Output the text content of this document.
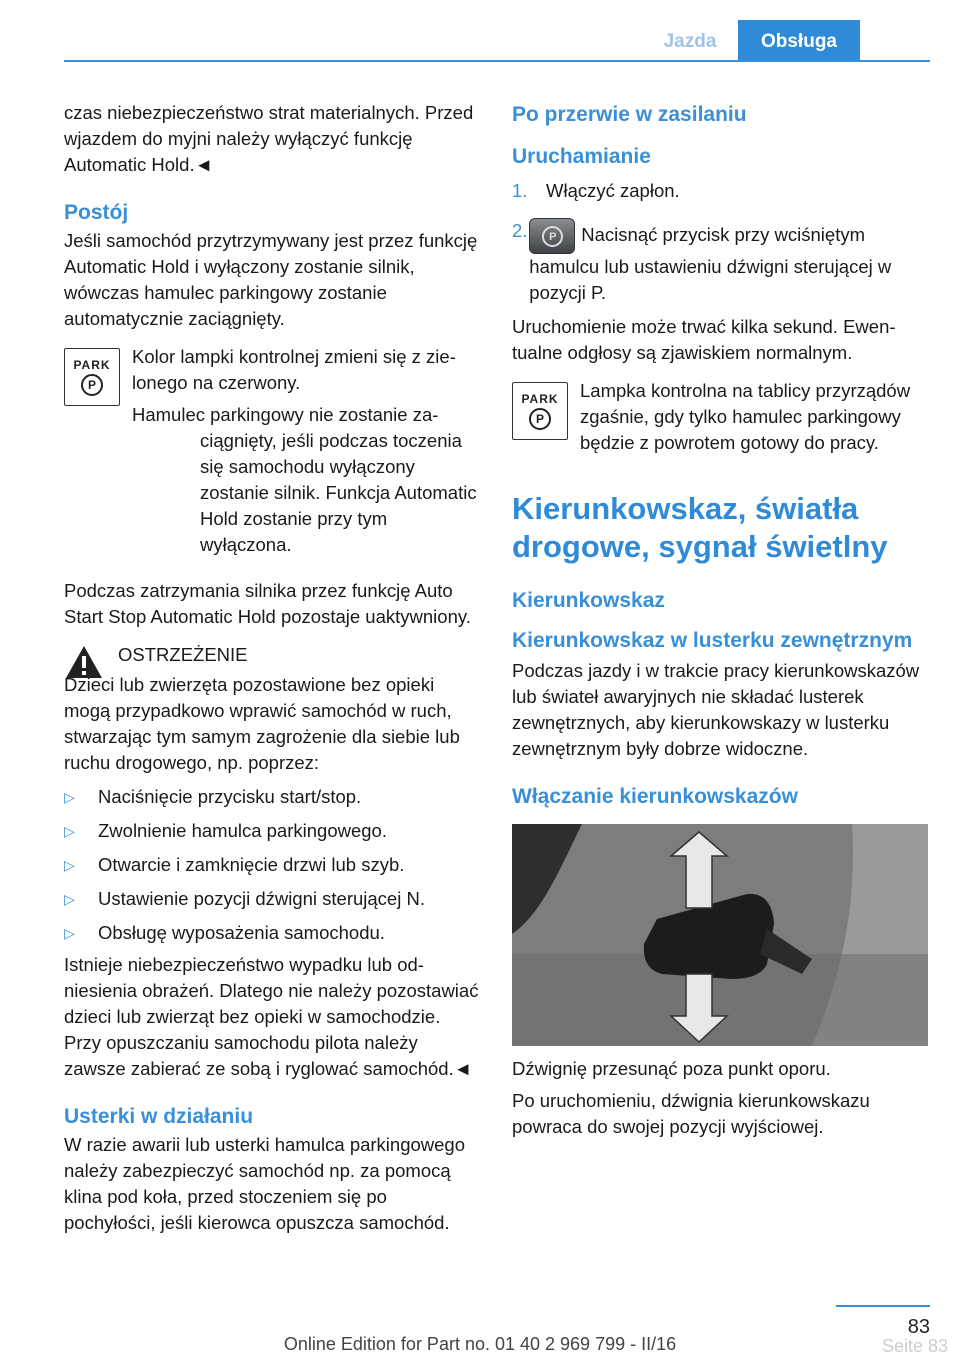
Jazda	Obsługa

czas niebezpieczeństwo strat materialnych. Przed wjazdem do myjni należy wyłączyć funkcję Automatic Hold.◄

Postój

Jeśli samochód przytrzymywany jest przez funkcję Automatic Hold i wyłączony zostanie silnik, wówczas hamulec parkingowy zostanie automatycznie zaciągnięty.

PARK
P

Kolor lampki kontrolnej zmieni się z zielonego na czerwony.

Hamulec parkingowy nie zostanie zaciągnięty, jeśli podczas toczenia się samochodu wyłączony zostanie silnik. Funkcja Automatic Hold zostanie przy tym wyłączona.

Podczas zatrzymania silnika przez funkcję Auto Start Stop Automatic Hold pozostaje uaktywniony.

OSTRZEŻENIE

Dzieci lub zwierzęta pozostawione bez opieki mogą przypadkowo wprawić samochód w ruch, stwarzając tym samym zagrożenie dla siebie lub ruchu drogowego, np. poprzez:

▷	Naciśnięcie przycisku start/stop.
▷	Zwolnienie hamulca parkingowego.
▷	Otwarcie i zamknięcie drzwi lub szyb.
▷	Ustawienie pozycji dźwigni sterującej N.
▷	Obsługę wyposażenia samochodu.

Istnieje niebezpieczeństwo wypadku lub odniesienia obrażeń. Dlatego nie należy pozostawiać dzieci lub zwierząt bez opieki w samochodzie. Przy opuszczaniu samochodu pilota należy zawsze zabierać ze sobą i ryglować samochód.◄

Usterki w działaniu

W razie awarii lub usterki hamulca parkingowego należy zabezpieczyć samochód np. za pomocą klina pod koła, przed stoczeniem się po pochyłości, jeśli kierowca opuszcza samochód.

Po przerwie w zasilaniu
Uruchamianie
1.	Włączyć zapłon.
2.	P	Nacisnąć przycisk przy wciśniętym hamulcu lub ustawieniu dźwigni sterującej w pozycji P.

Uruchomienie może trwać kilka sekund. Ewentualne odgłosy są zjawiskiem normalnym.

PARK
P

Lampka kontrolna na tablicy przyrządów zgaśnie, gdy tylko hamulec parkingowy będzie z powrotem gotowy do pracy.

Kierunkowskaz, światła drogowe, sygnał świetlny
Kierunkowskaz
Kierunkowskaz w lusterku zewnętrznym

Podczas jazdy i w trakcie pracy kierunkowskazów lub świateł awaryjnych nie składać lusterek zewnętrznych, aby kierunkowskazy w lusterku zewnętrznym były dobrze widoczne.

Włączanie kierunkowskazów

Dźwignię przesunąć poza punkt oporu.

Po uruchomieniu, dźwignia kierunkowskazu powraca do swojej pozycji wyjściowej.

83
Online Edition for Part no. 01 40 2 969 799 - II/16	Seite 83
